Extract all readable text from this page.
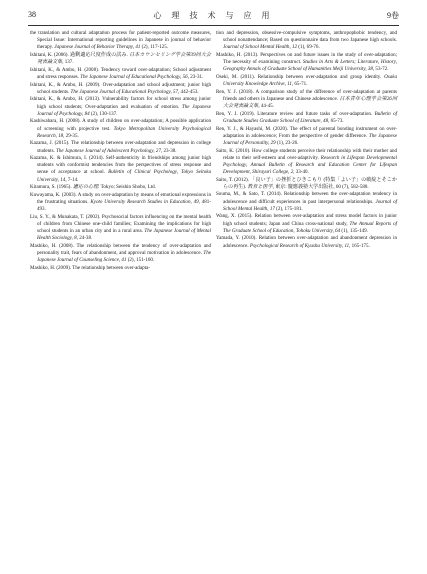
38	心 理 技 术 与 应 用	9卷

the translation and cultural adaptation process for patient-reported outcome measures, Special Issue: International reporting guidelines in Japanese in journal of behavior therapy. Japanese Journal of Behavior Therapy, 41 (2), 117-125.

Ishitani, K. (2006). 過剰適応尺度作成の試み. 日本カウンセリング学会第39回大会発表論文集, 137.

Ishitani, K., & Ambo, H. (2008). Tendency toward over-adaptation; School adjustment and stress responses. The Japanese Journal of Educational Psychology, 56, 23-31.

Ishitani, K., & Ambo, H. (2009). Over-adaptation and school adjustment; junior high school students. The Japanese Journal of Educational Psychology, 57, 442-453.

Ishitani, K., & Ambo, H. (2013). Vulnerability factors for school stress among junior high school students; Over-adaptation and evaluation of emotion. The Japanese Journal of Psychology, 84 (2), 130-137.

Kashiwabara, H. (2008). A study of children on over-adaptation; A possible application of screening with projective test. Tokyo Metropolitan University Psychological Research, 18, 29-35.

Kazama, J. (2015). The relationship between over-adaptation and depression in college students. The Japanese Journal of Adolescent Psychology, 27, 23-38.

Kazama, K. & Ishimura, I. (2014). Self-authenticity in friendships among junior high students with conformist tendencies from the perspectives of stress response and sense of acceptance at school. Bulletin of Clinical Psychology, Tokyo Seitoku University, 14, 7-14.

Kitamura, S. (1965). 適応の心理. Tokyo; Seishin Shobo, Ltd.

Kuwayama, K. (2003). A study on over-adaptation by means of emotional expressions in the frustrating situations. Kyoto University Research Studies in Education, 49, 481-493.

Liu, S. Y., & Munakata, T. (2002). Psychosocial factors influencing on the mental health of children from Chinese one-child families; Examining the implications for high school students in an urban city and in a rural area. The Japanese Journal of Mental Health Sociology, 8, 24-38.

Mashiko, H. (2008). The relationship between the tendency of over-adaptation and personality trait, fears of abandonment, and approval motivation in adolescence. The Japanese Journal of Counseling Science, 41 (2), 151-160.

Mashiko, H. (2009). The relationship between over-adapta-

tion and depression, obsessive-compulsive symptoms, anthropophobic tendency, and school nonattendance; Based on questionnaire data from two Japanese high schools. Journal of School Mental Health, 12 (1), 69-76.

Mashiko, H. (2013). Perspectives on and future issues in the study of over-adaptation; The necessity of examining construct. Studies in Arts & Letters; Literature, History, Geography Annals of Graduate School of Humanities Meiji University, 38, 53-72.

Oseki, M. (2011). Relationship between over-adaptation and group identity. Osaka University Knowledge Archive, 11, 65-71.

Ren, Y. J. (2018). A comparison study of the difference of over-adaptation at parents friends and others in Japanese and Chinese adolescence. 日本青年心理学会第26回大会発表論文集, 44-45.

Ren, Y. J. (2019). Literature review and future tasks of over-adaptation. Bulletin of Graduate Studies Graduate School of Literature, 48, 65-73.

Ren, Y. J., & Hayashi, M. (2020). The effect of parental bonding instrument on over-adaptation in adolescence; From the perspective of gender difference. The Japanese Journal of Personality, 29 (1), 23-26.

Saito, K. (2010). How college students perceive their relationship with their mother and relate to their self-esteem and over-adaptivity. Research in Lifespan Developmental Psychology, Annual Bulletin of Research and Education Center for Lifespan Development, Shirayuri College, 2, 33-40.

Saito, T. (2012). 「良い子」の挫折とひきこもり (特集「よい子」の破綻とそこからの再生). 教育と医学, 東京: 慶應義塾大学出版社, 60 (7), 582-588.

Souma, M., & Sato, T. (2014). Relationship between the over-adaptation tendency in adolescence and difficult experiences in past interpersonal relationships. Journal of School Mental Health, 17 (2), 175-181.

Wang, X. (2015). Relation between over-adaptation and stress model factors in junior high school students; Japan and China cross-national study, The Annual Reports of The Graduate School of Education, Tohoku University, 64 (1), 135-149.

Yamada, Y. (2010). Relation between over-adaptation and abandonment depression in adolescence. Psychological Research of Kyushu University, 11, 165-175.
